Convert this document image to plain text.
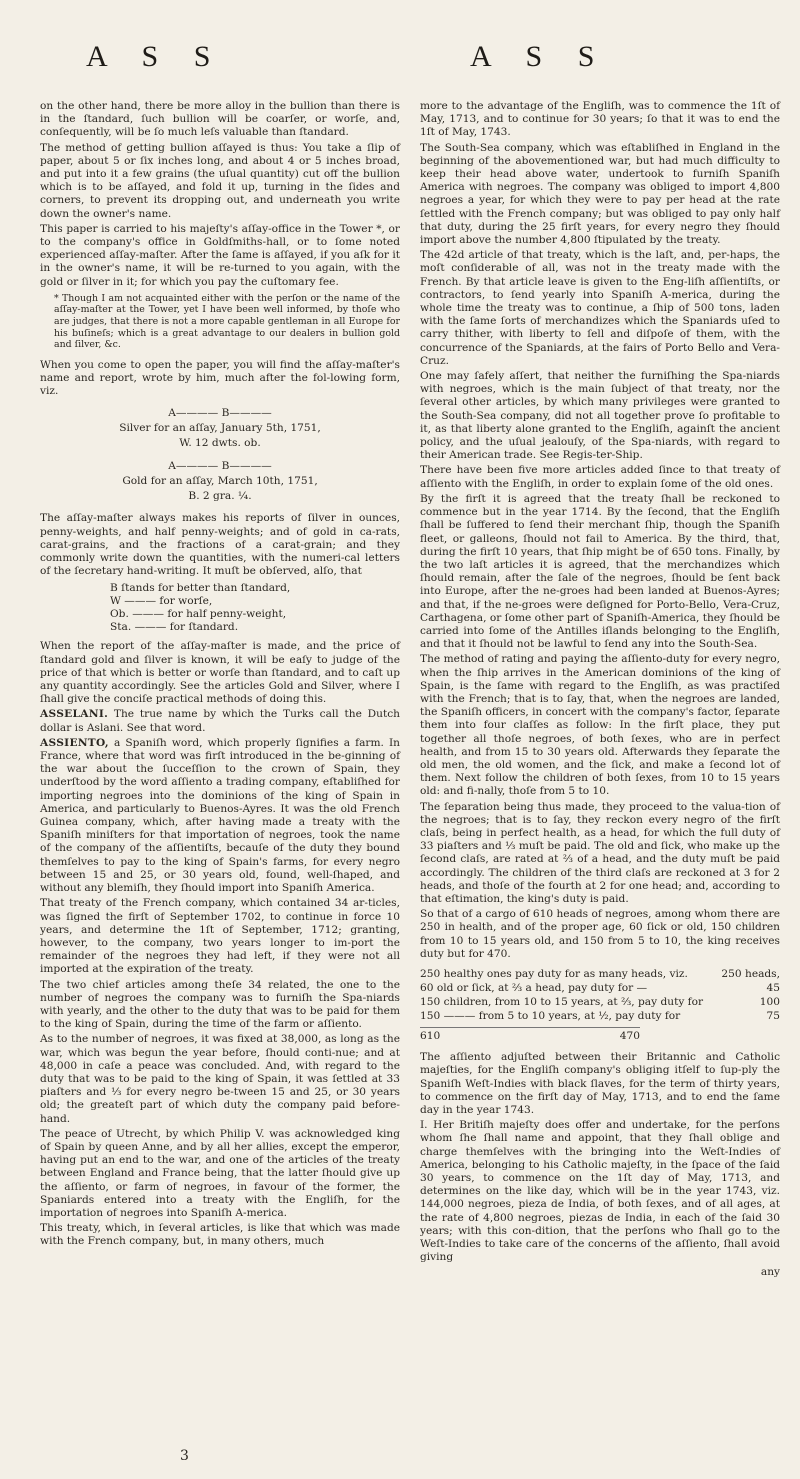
A S S	A S S

on the other hand, there be more alloy in the bullion than there is in the ſtandard, ſuch bullion will be coarſer, or worſe, and, conſequently, will be ſo much leſs valuable than ſtandard.

The method of getting bullion aſſayed is thus: You take a ſlip of paper, about 5 or ſix inches long, and about 4 or 5 inches broad, and put into it a few grains (the uſual quantity) cut off the bullion which is to be aſſayed, and fold it up, turning in the ſides and corners, to prevent its dropping out, and underneath you write down the owner's name.

This paper is carried to his majeſty's aſſay-office in the Tower *, or to the company's office in Goldſmiths-hall, or to ſome noted experienced aſſay-maſter. After the ſame is aſſayed, if you aſk for it in the owner's name, it will be re-turned to you again, with the gold or ſilver in it; for which you pay the cuſtomary fee.

* Though I am not acquainted either with the perſon or the name of the aſſay-maſter at the Tower, yet I have been well informed, by thoſe who are judges, that there is not a more capable gentleman in all Europe for his buſineſs; which is a great advantage to our dealers in bullion gold and ſilver, &c.

When you come to open the paper, you will find the aſſay-maſter's name and report, wrote by him, much after the fol-lowing form, viz.

A———— B————
Silver for an aſſay, January 5th, 1751,
W. 12 dwts. ob.
A———— B————
Gold for an aſſay, March 10th, 1751,
B. 2 gra. ¼.

The aſſay-maſter always makes his reports of ſilver in ounces, penny-weights, and half penny-weights; and of gold in ca-rats, carat-grains, and the fractions of a carat-grain; and they commonly write down the quantities, with the numeri-cal letters of the ſecretary hand-writing. It muſt be obſerved, alſo, that

B ſtands for better than ſtandard,
W ——— for worſe,
Ob. ——— for half penny-weight,
Sta. ——— for ſtandard.

When the report of the aſſay-maſter is made, and the price of ſtandard gold and ſilver is known, it will be eaſy to judge of the price of that which is better or worſe than ſtandard, and to caſt up any quantity accordingly. See the articles Gold and Silver, where I ſhall give the conciſe practical methods of doing this.

ASSELANI. The true name by which the Turks call the Dutch dollar is Aslani. See that word.

ASSIENTO, a Spaniſh word, which properly ſignifies a farm. In France, where that word was firſt introduced in the be-ginning of the war about the ſucceſſion to the crown of Spain, they underſtood by the word aſſiento a trading company, eſtabliſhed for importing negroes into the dominions of the king of Spain in America, and particularly to Buenos-Ayres. It was the old French Guinea company, which, after having made a treaty with the Spaniſh miniſters for that importation of negroes, took the name of the company of the aſſientiſts, becauſe of the duty they bound themſelves to pay to the king of Spain's farms, for every negro between 15 and 25, or 30 years old, found, well-ſhaped, and without any blemiſh, they ſhould import into Spaniſh America.

That treaty of the French company, which contained 34 ar-ticles, was ſigned the firſt of September 1702, to continue in force 10 years, and determine the 1ſt of September, 1712; granting, however, to the company, two years longer to im-port the remainder of the negroes they had left, if they were not all imported at the expiration of the treaty.

The two chief articles among theſe 34 related, the one to the number of negroes the company was to furniſh the Spa-niards with yearly, and the other to the duty that was to be paid for them to the king of Spain, during the time of the farm or aſſiento.

As to the number of negroes, it was fixed at 38,000, as long as the war, which was begun the year before, ſhould conti-nue; and at 48,000 in caſe a peace was concluded. And, with regard to the duty that was to be paid to the king of Spain, it was ſettled at 33 piaſters and ⅓ for every negro be-tween 15 and 25, or 30 years old; the greateſt part of which duty the company paid before-hand.

The peace of Utrecht, by which Philip V. was acknowledged king of Spain by queen Anne, and by all her allies, except the emperor, having put an end to the war, and one of the articles of the treaty between England and France being, that the latter ſhould give up the aſſiento, or farm of negroes, in favour of the former, the Spaniards entered into a treaty with the Engliſh, for the importation of negroes into Spaniſh A-merica.

This treaty, which, in ſeveral articles, is like that which was made with the French company, but, in many others, much

more to the advantage of the Engliſh, was to commence the 1ſt of May, 1713, and to continue for 30 years; ſo that it was to end the 1ſt of May, 1743.

The South-Sea company, which was eſtabliſhed in England in the beginning of the abovementioned war, but had much difficulty to keep their head above water, undertook to furniſh Spaniſh America with negroes. The company was obliged to import 4,800 negroes a year, for which they were to pay per head at the rate ſettled with the French company; but was obliged to pay only half that duty, during the 25 firſt years, for every negro they ſhould import above the number 4,800 ſtipulated by the treaty.

The 42d article of that treaty, which is the laſt, and, per-haps, the moſt conſiderable of all, was not in the treaty made with the French. By that article leave is given to the Eng-liſh aſſientiſts, or contractors, to ſend yearly into Spaniſh A-merica, during the whole time the treaty was to continue, a ſhip of 500 tons, laden with the ſame ſorts of merchandizes which the Spaniards uſed to carry thither, with liberty to ſell and diſpoſe of them, with the concurrence of the Spaniards, at the fairs of Porto Bello and Vera-Cruz.

One may ſafely aſſert, that neither the furniſhing the Spa-niards with negroes, which is the main ſubject of that treaty, nor the ſeveral other articles, by which many privileges were granted to the South-Sea company, did not all together prove ſo profitable to it, as that liberty alone granted to the Engliſh, againſt the ancient policy, and the uſual jealouſy, of the Spa-niards, with regard to their American trade. See Regis-ter-Ship.

There have been five more articles added ſince to that treaty of aſſiento with the Engliſh, in order to explain ſome of the old ones.

By the firſt it is agreed that the treaty ſhall be reckoned to commence but in the year 1714. By the ſecond, that the Engliſh ſhall be ſuffered to ſend their merchant ſhip, though the Spaniſh fleet, or galleons, ſhould not fail to America. By the third, that, during the firſt 10 years, that ſhip might be of 650 tons. Finally, by the two laſt articles it is agreed, that the merchandizes which ſhould remain, after the ſale of the negroes, ſhould be ſent back into Europe, after the ne-groes had been landed at Buenos-Ayres; and that, if the ne-groes were deſigned for Porto-Bello, Vera-Cruz, Carthagena, or ſome other part of Spaniſh-America, they ſhould be carried into ſome of the Antilles iſlands belonging to the Engliſh, and that it ſhould not be lawful to ſend any into the South-Sea.

The method of rating and paying the aſſiento-duty for every negro, when the ſhip arrives in the American dominions of the king of Spain, is the ſame with regard to the Engliſh, as was practiſed with the French; that is to ſay, that, when the negroes are landed, the Spaniſh officers, in concert with the company's factor, ſeparate them into four claſſes as follow: In the firſt place, they put together all thoſe negroes, of both ſexes, who are in perfect health, and from 15 to 30 years old. Afterwards they ſeparate the old men, the old women, and the ſick, and make a ſecond lot of them. Next follow the children of both ſexes, from 10 to 15 years old: and fi-nally, thoſe from 5 to 10.

The ſeparation being thus made, they proceed to the valua-tion of the negroes; that is to ſay, they reckon every negro of the firſt claſs, being in perfect health, as a head, for which the full duty of 33 piaſters and ⅓ muſt be paid. The old and ſick, who make up the ſecond claſs, are rated at ⅔ of a head, and the duty muſt be paid accordingly. The children of the third claſs are reckoned at 3 for 2 heads, and thoſe of the fourth at 2 for one head; and, according to that eſtimation, the king's duty is paid.

So that of a cargo of 610 heads of negroes, among whom there are 250 in health, and of the proper age, 60 ſick or old, 150 children from 10 to 15 years old, and 150 from 5 to 10, the king receives duty but for 470.

250 healthy ones pay duty for as many heads, viz.	250 heads,
60 old or ſick, at ⅔ a head, pay duty for —	45
150 children, from 10 to 15 years, at ⅔, pay duty for	100
150 ——— from 5 to 10 years, at ½, pay duty for	75
610	470

The aſſiento adjuſted between their Britannic and Catholic majeſties, for the Engliſh company's obliging itſelf to ſup-ply the Spaniſh Weſt-Indies with black ſlaves, for the term of thirty years, to commence on the firſt day of May, 1713, and to end the ſame day in the year 1743.

I. Her Britiſh majeſty does offer and undertake, for the perſons whom ſhe ſhall name and appoint, that they ſhall oblige and charge themſelves with the bringing into the Weſt-Indies of America, belonging to his Catholic majeſty, in the ſpace of the ſaid 30 years, to commence on the 1ſt day of May, 1713, and determines on the like day, which will be in the year 1743, viz. 144,000 negroes, pieza de India, of both ſexes, and of all ages, at the rate of 4,800 negroes, piezas de India, in each of the ſaid 30 years; with this con-dition, that the perſons who ſhall go to the Weſt-Indies to take care of the concerns of the aſſiento, ſhall avoid giving

any
3
